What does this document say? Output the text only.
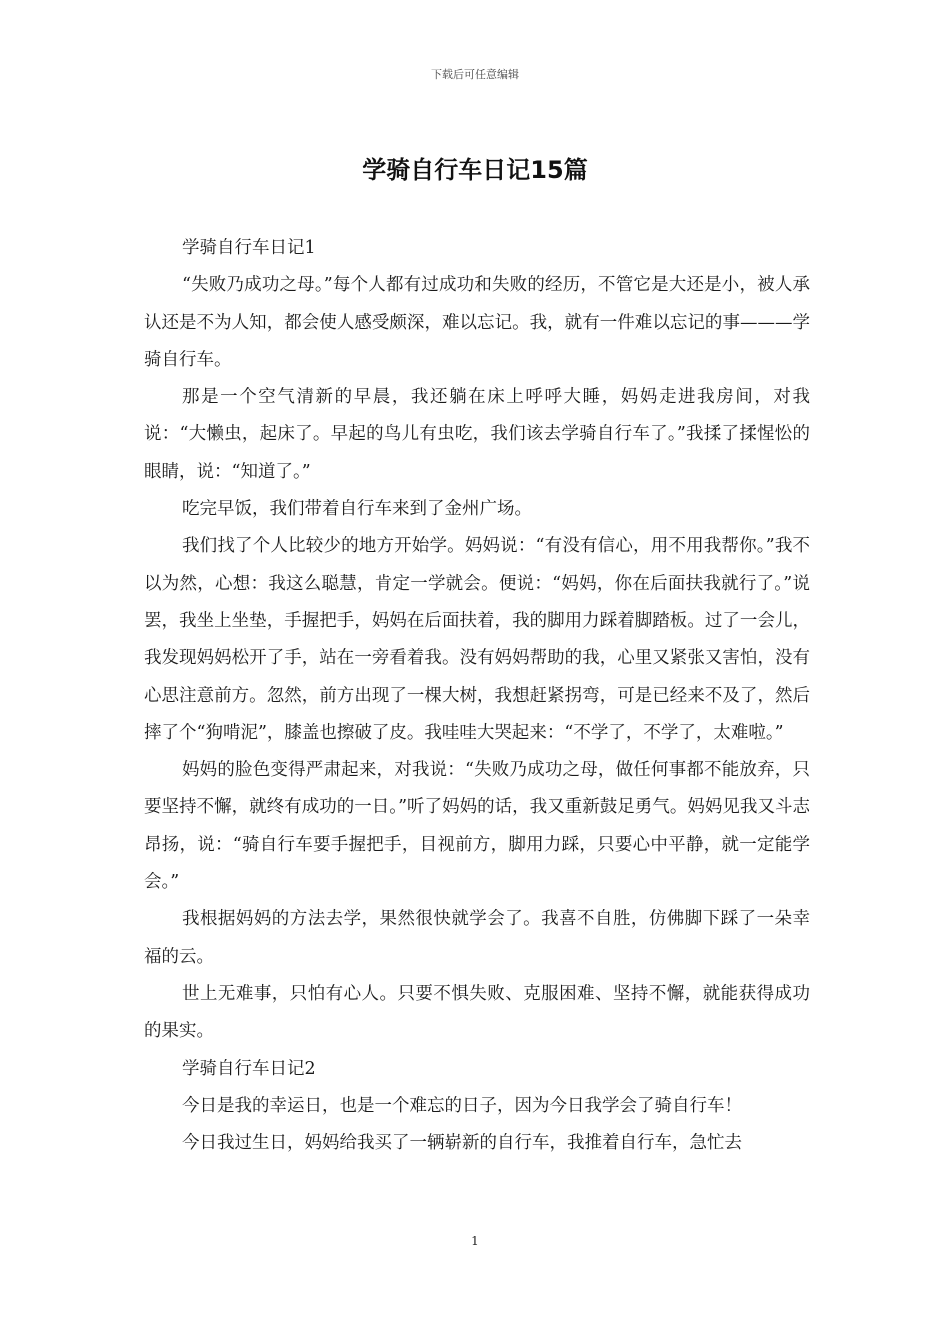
下载后可任意编辑
学骑自行车日记15篇

学骑自行车日记1

“失败乃成功之母。”每个人都有过成功和失败的经历，不管它是大还是小，被人承认还是不为人知，都会使人感受颇深，难以忘记。我，就有一件难以忘记的事———学骑自行车。

那是一个空气清新的早晨，我还躺在床上呼呼大睡，妈妈走进我房间，对我说：“大懒虫，起床了。早起的鸟儿有虫吃，我们该去学骑自行车了。”我揉了揉惺忪的眼睛，说：“知道了。”

吃完早饭，我们带着自行车来到了金州广场。

我们找了个人比较少的地方开始学。妈妈说：“有没有信心，用不用我帮你。”我不以为然，心想：我这么聪慧，肯定一学就会。便说：“妈妈，你在后面扶我就行了。”说罢，我坐上坐垫，手握把手，妈妈在后面扶着，我的脚用力踩着脚踏板。过了一会儿，我发现妈妈松开了手，站在一旁看着我。没有妈妈帮助的我，心里又紧张又害怕，没有心思注意前方。忽然，前方出现了一棵大树，我想赶紧拐弯，可是已经来不及了，然后摔了个“狗啃泥”，膝盖也擦破了皮。我哇哇大哭起来：“不学了，不学了，太难啦。”

妈妈的脸色变得严肃起来，对我说：“失败乃成功之母，做任何事都不能放弃，只要坚持不懈，就终有成功的一日。”听了妈妈的话，我又重新鼓足勇气。妈妈见我又斗志昂扬，说：“骑自行车要手握把手，目视前方，脚用力踩，只要心中平静，就一定能学会。”

我根据妈妈的方法去学，果然很快就学会了。我喜不自胜，仿佛脚下踩了一朵幸福的云。

世上无难事，只怕有心人。只要不惧失败、克服困难、坚持不懈，就能获得成功的果实。

学骑自行车日记2

今日是我的幸运日，也是一个难忘的日子，因为今日我学会了骑自行车！

今日我过生日，妈妈给我买了一辆崭新的自行车，我推着自行车，急忙去

1
